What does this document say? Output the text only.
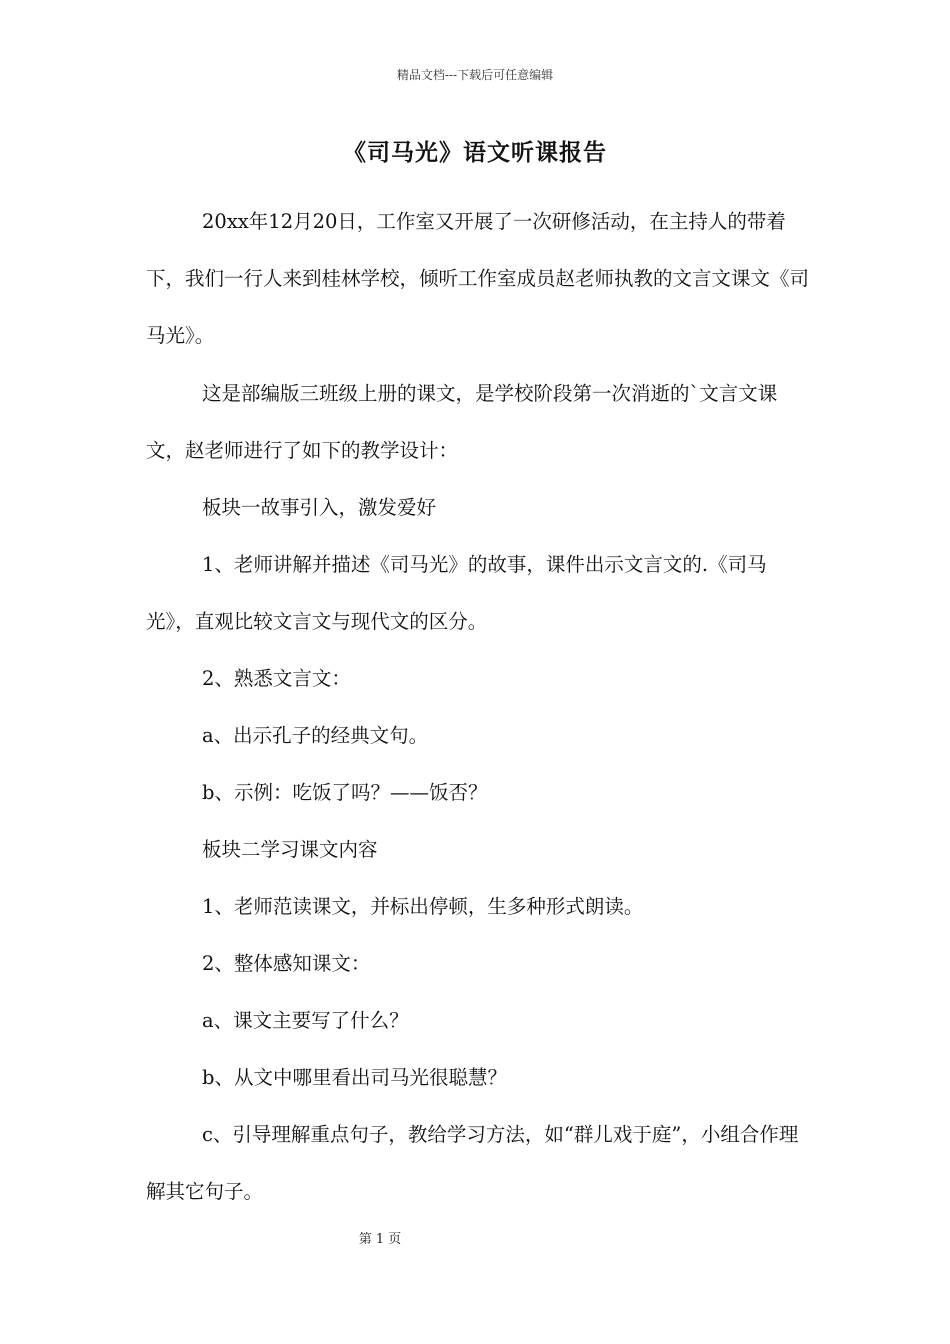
精品文档---下载后可任意编辑
《司马光》语文听课报告

20xx年12月20日，工作室又开展了一次研修活动，在主持人的带着下，我们一行人来到桂林学校，倾听工作室成员赵老师执教的文言文课文《司马光》。

这是部编版三班级上册的课文，是学校阶段第一次消逝的`文言文课文，赵老师进行了如下的教学设计：

板块一故事引入，激发爱好

1、老师讲解并描述《司马光》的故事，课件出示文言文的.《司马光》，直观比较文言文与现代文的区分。

2、熟悉文言文：

a、出示孔子的经典文句。

b、示例：吃饭了吗？——饭否？

板块二学习课文内容

1、老师范读课文，并标出停顿，生多种形式朗读。

2、整体感知课文：

a、课文主要写了什么？

b、从文中哪里看出司马光很聪慧？

c、引导理解重点句子，教给学习方法，如“群儿戏于庭”，小组合作理解其它句子。

第 1 页
